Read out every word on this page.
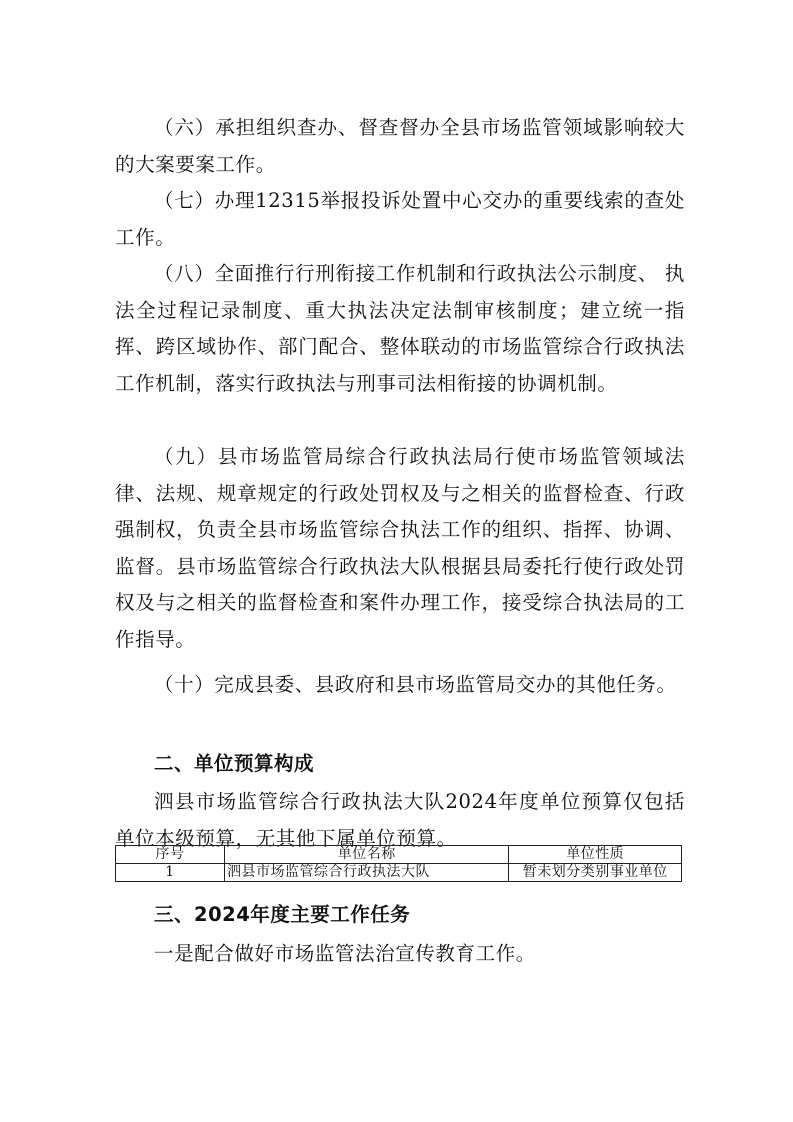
（六）承担组织查办、督查督办全县市场监管领域影响较大的大案要案工作。

（七）办理12315举报投诉处置中心交办的重要线索的查处工作。

（八）全面推行行刑衔接工作机制和行政执法公示制度、 执法全过程记录制度、重大执法决定法制审核制度；建立统一指挥、跨区域协作、部门配合、整体联动的市场监管综合行政执法工作机制，落实行政执法与刑事司法相衔接的协调机制。

（九）县市场监管局综合行政执法局行使市场监管领域法律、法规、规章规定的行政处罚权及与之相关的监督检查、行政强制权，负责全县市场监管综合执法工作的组织、指挥、协调、监督。县市场监管综合行政执法大队根据县局委托行使行政处罚权及与之相关的监督检查和案件办理工作，接受综合执法局的工作指导。

（十）完成县委、县政府和县市场监管局交办的其他任务。

二、单位预算构成

泗县市场监管综合行政执法大队2024年度单位预算仅包括单位本级预算，无其他下属单位预算。

序号	单位名称	单位性质
1	泗县市场监管综合行政执法大队	暂未划分类别事业单位
三、2024年度主要工作任务

一是配合做好市场监管法治宣传教育工作。
